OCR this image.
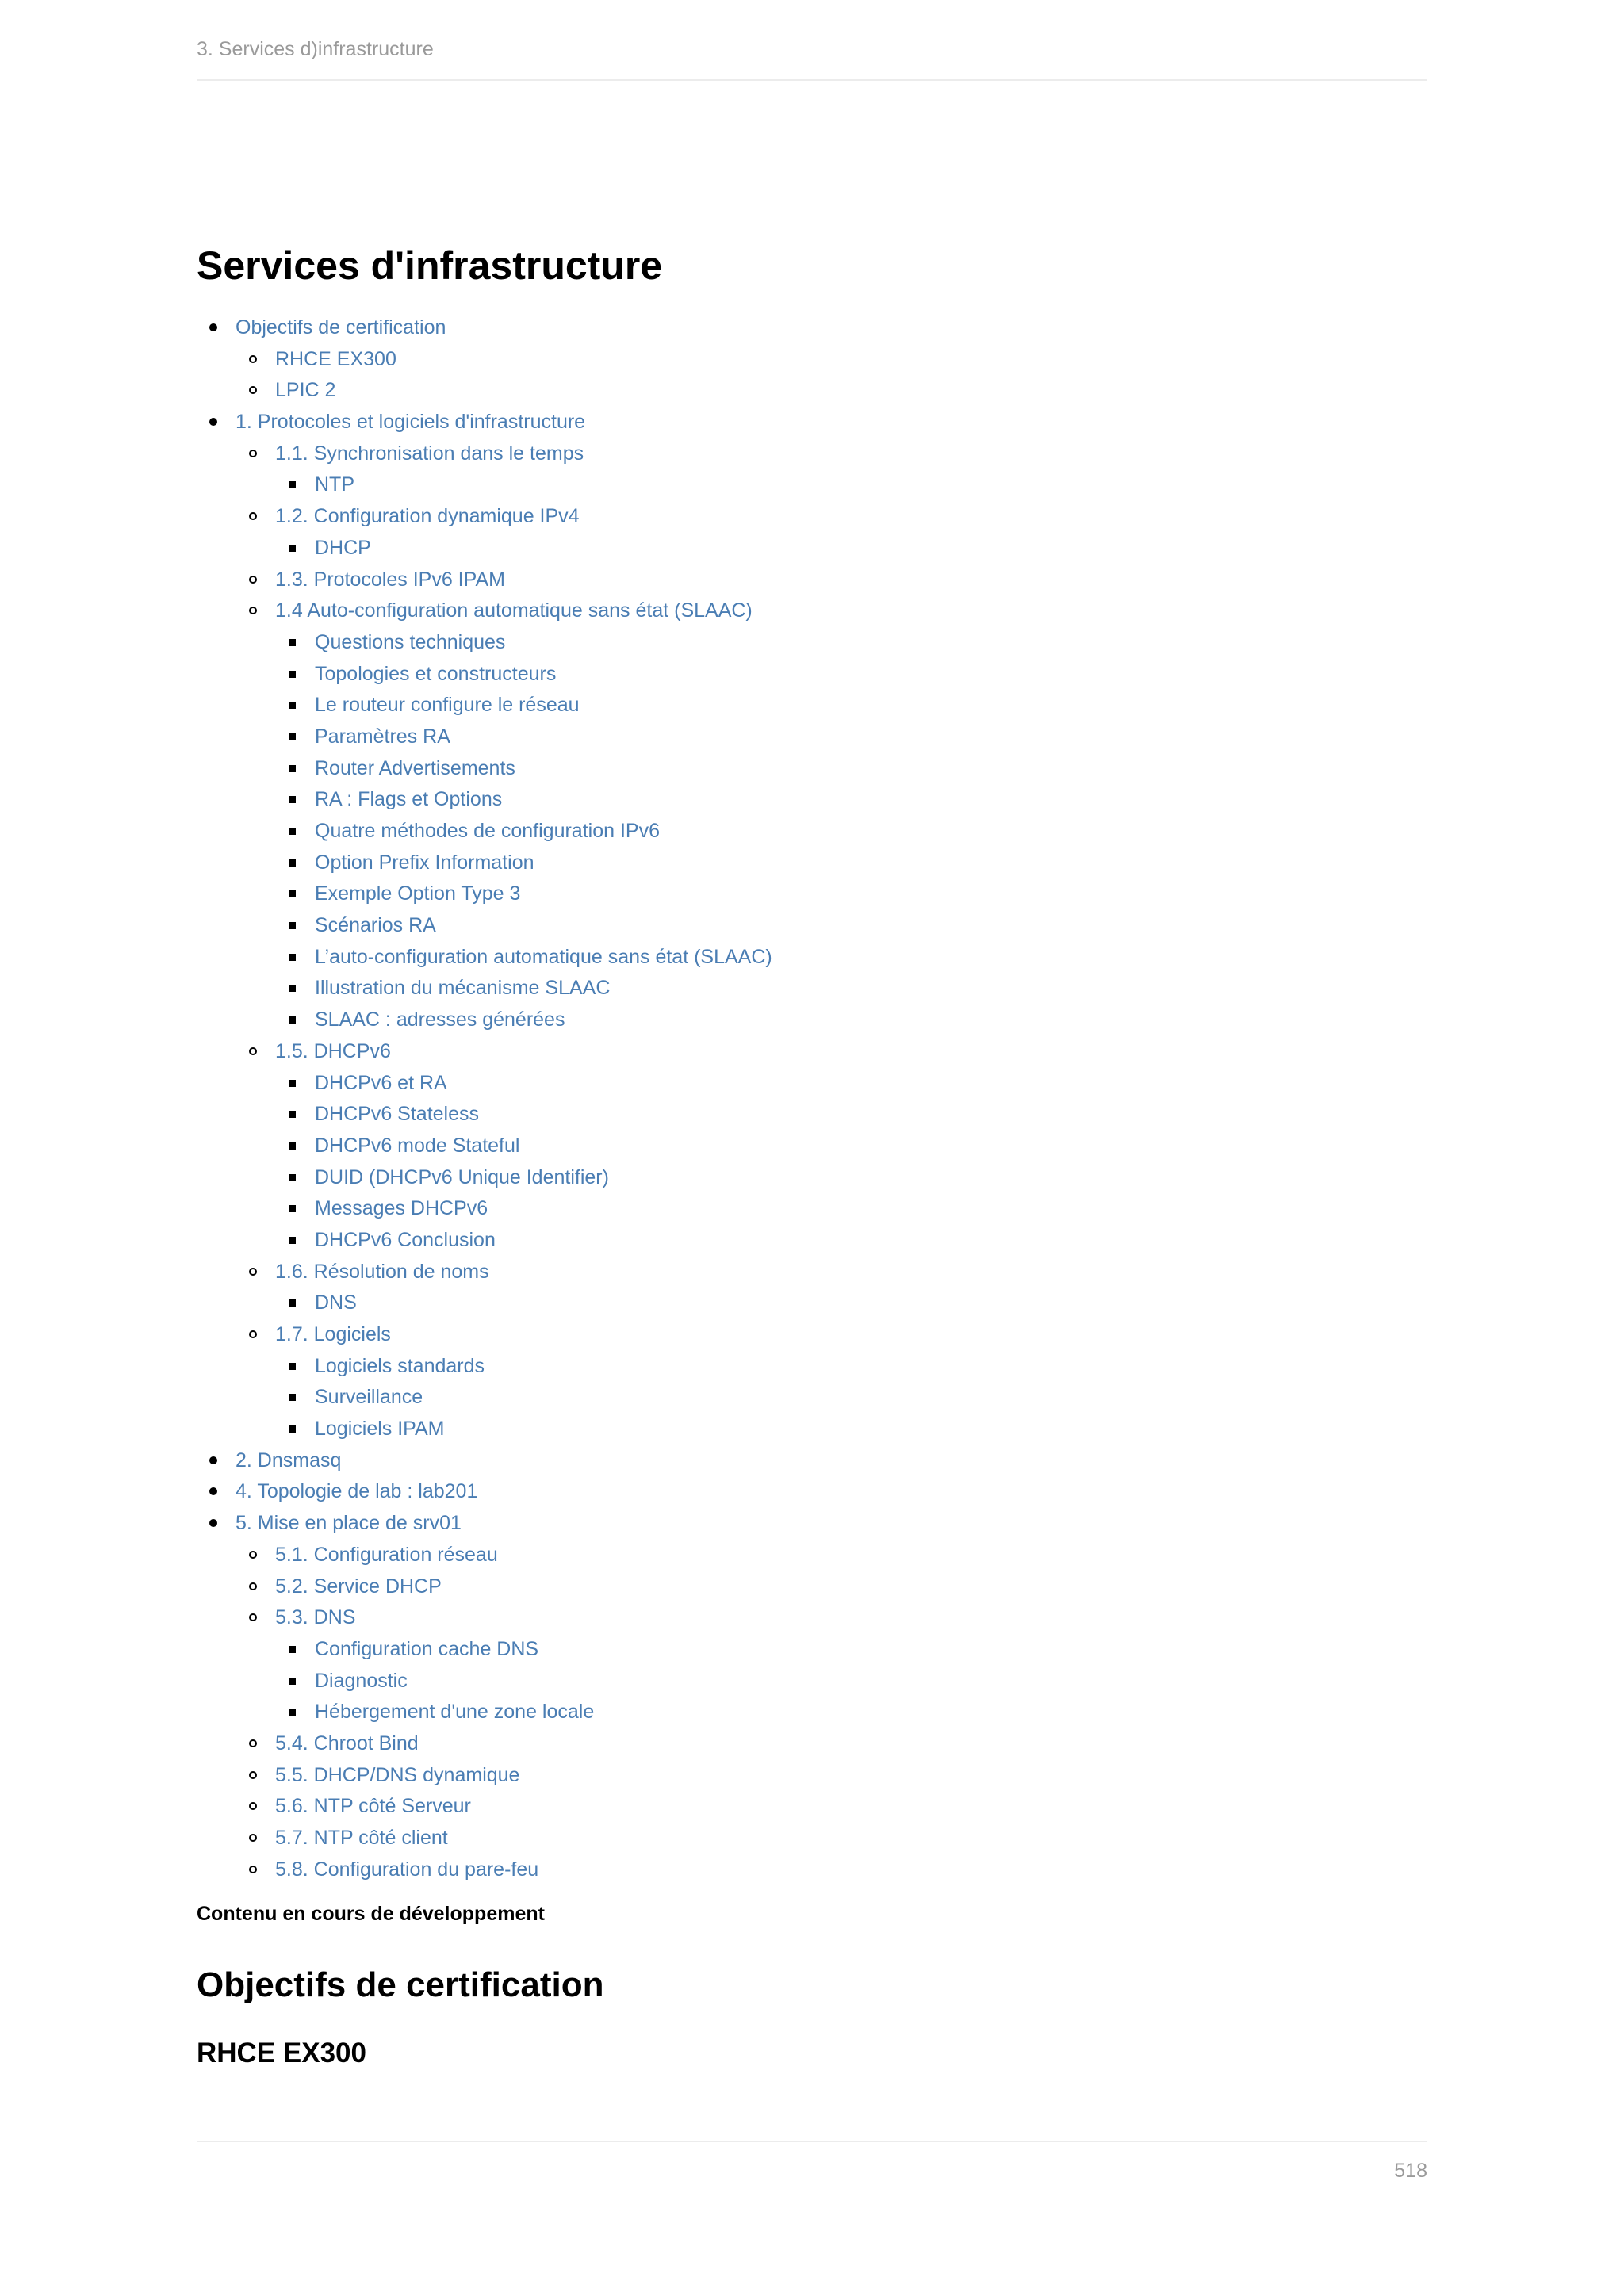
3. Services d)infrastructure
Services d'infrastructure
Objectifs de certification
RHCE EX300
LPIC 2
1. Protocoles et logiciels d'infrastructure
1.1. Synchronisation dans le temps
NTP
1.2. Configuration dynamique IPv4
DHCP
1.3. Protocoles IPv6 IPAM
1.4 Auto-configuration automatique sans état (SLAAC)
Questions techniques
Topologies et constructeurs
Le routeur configure le réseau
Paramètres RA
Router Advertisements
RA : Flags et Options
Quatre méthodes de configuration IPv6
Option Prefix Information
Exemple Option Type 3
Scénarios RA
L’auto-configuration automatique sans état (SLAAC)
Illustration du mécanisme SLAAC
SLAAC : adresses générées
1.5. DHCPv6
DHCPv6 et RA
DHCPv6 Stateless
DHCPv6 mode Stateful
DUID (DHCPv6 Unique Identifier)
Messages DHCPv6
DHCPv6 Conclusion
1.6. Résolution de noms
DNS
1.7. Logiciels
Logiciels standards
Surveillance
Logiciels IPAM
2. Dnsmasq
4. Topologie de lab : lab201
5. Mise en place de srv01
5.1. Configuration réseau
5.2. Service DHCP
5.3. DNS
Configuration cache DNS
Diagnostic
Hébergement d'une zone locale
5.4. Chroot Bind
5.5. DHCP/DNS dynamique
5.6. NTP côté Serveur
5.7. NTP côté client
5.8. Configuration du pare-feu
Contenu en cours de développement
Objectifs de certification
RHCE EX300
518
